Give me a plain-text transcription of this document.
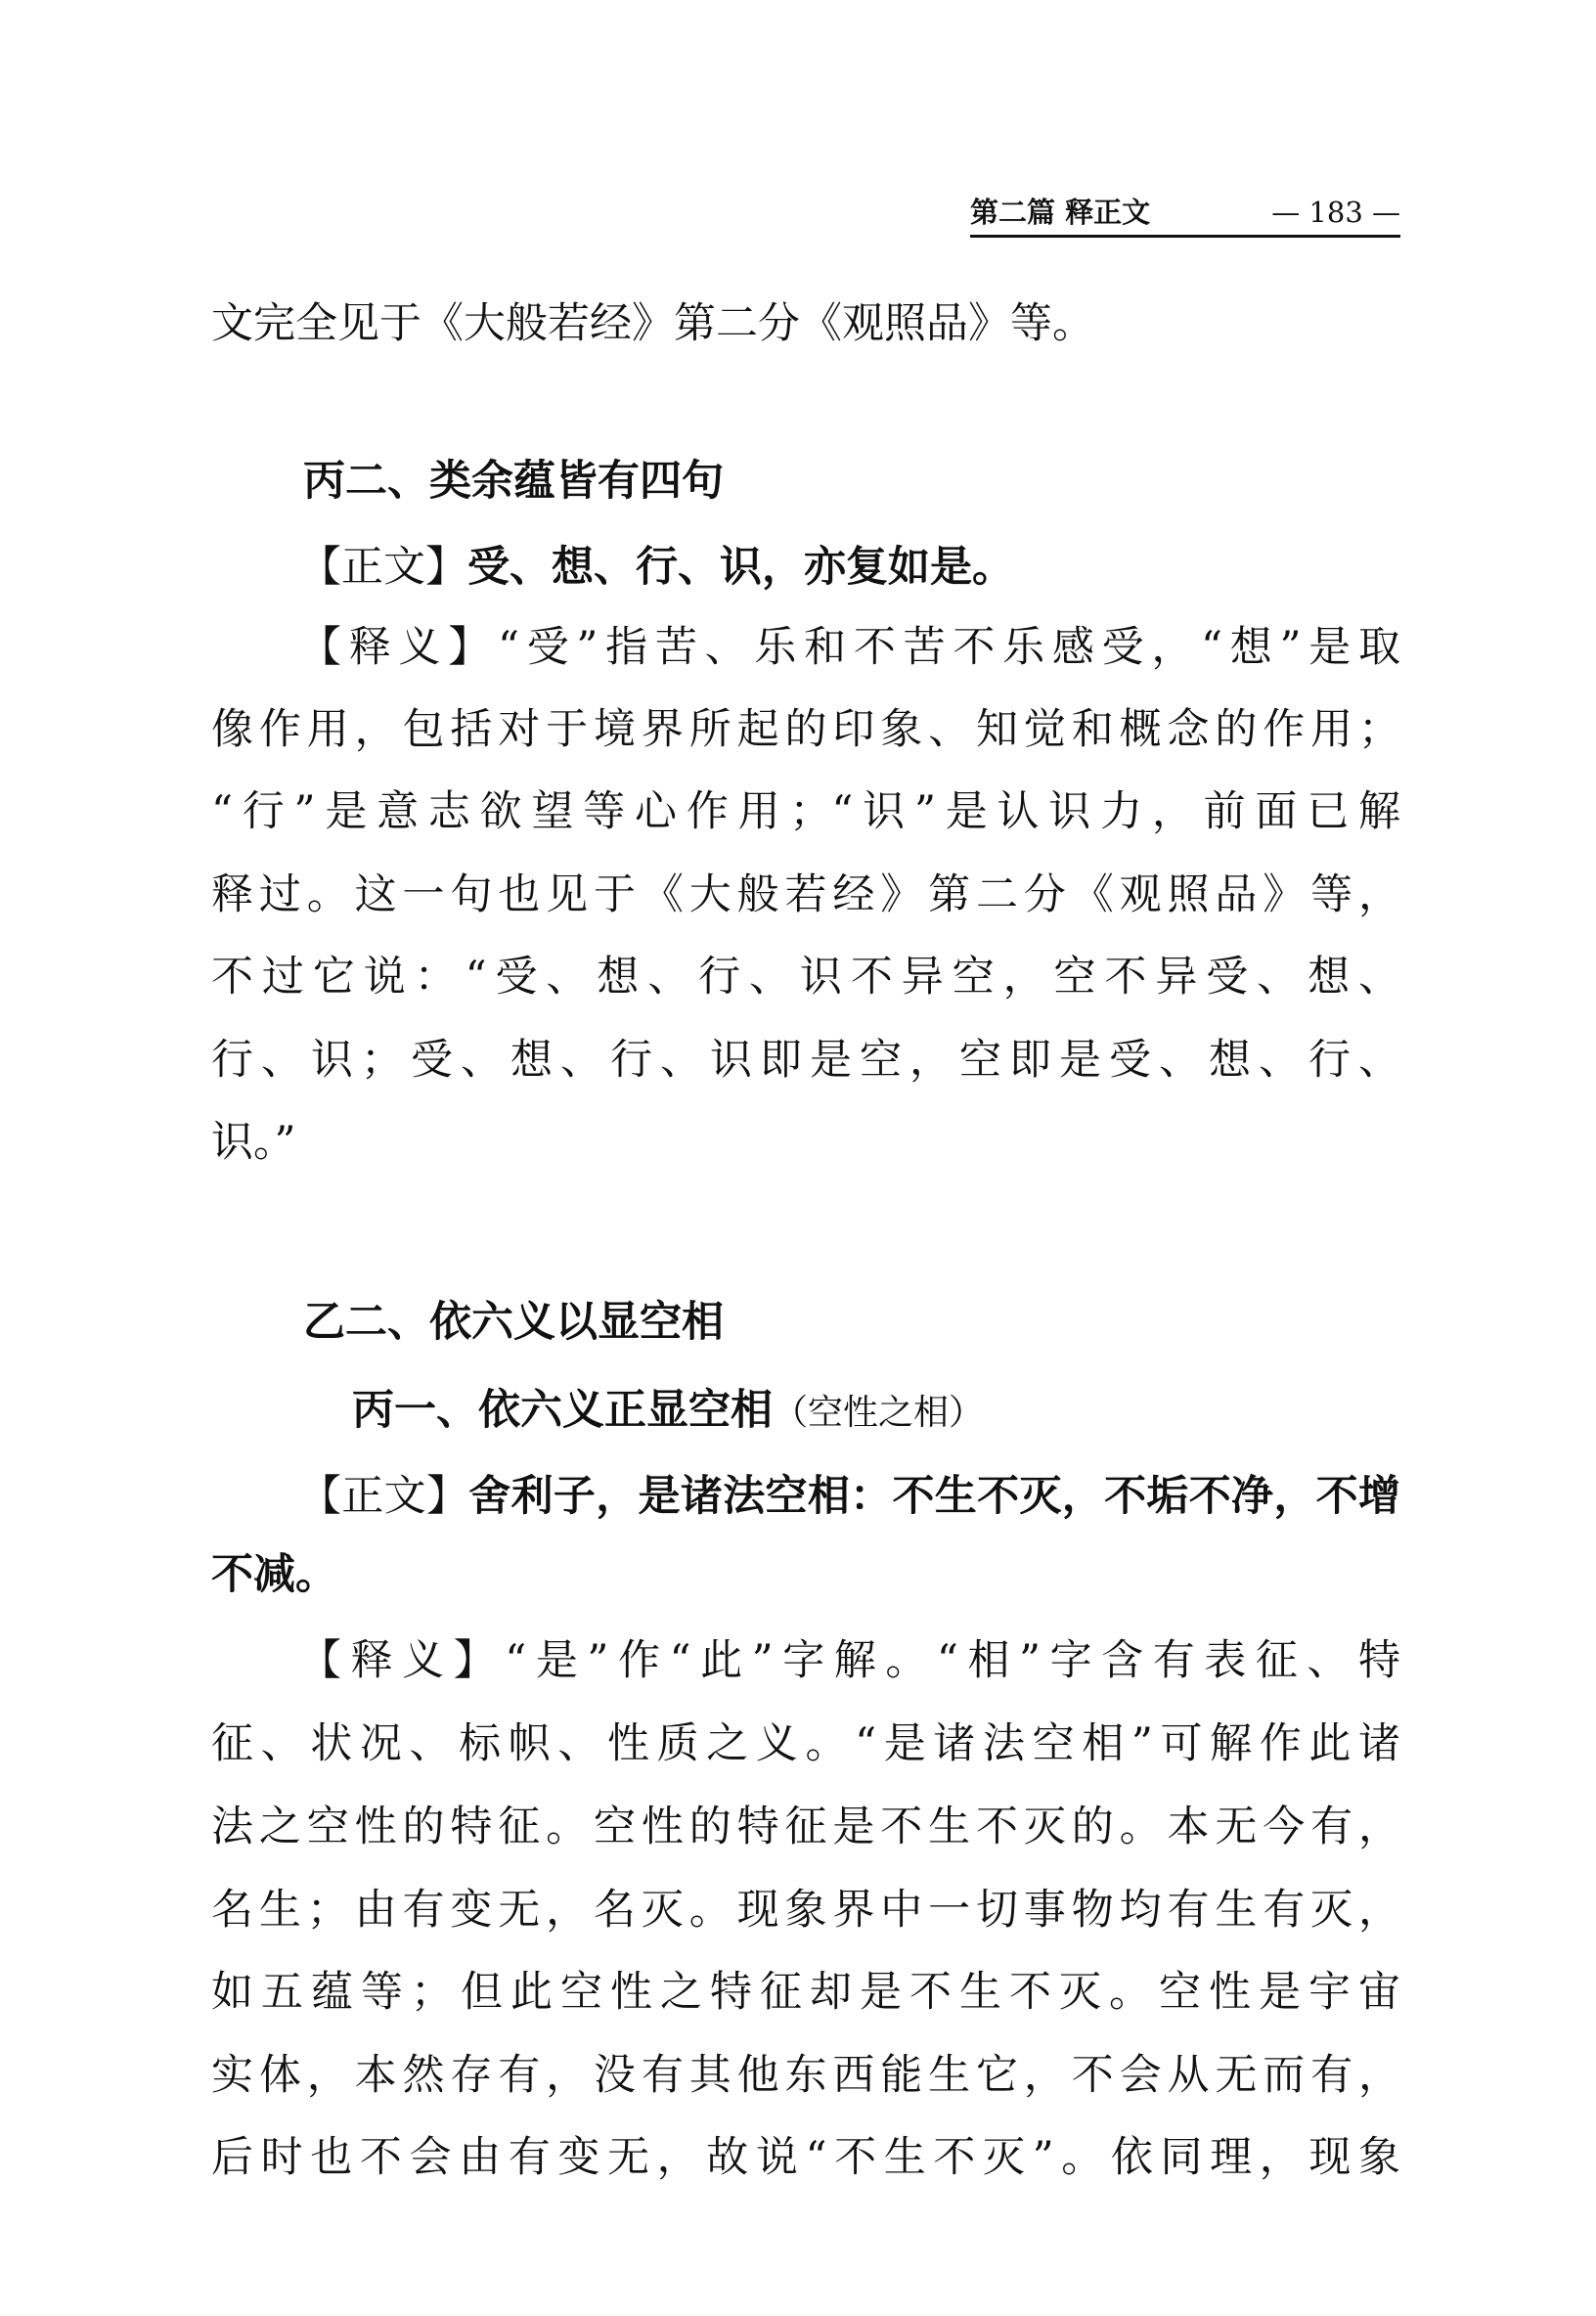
第二篇 释正文	— 183 —
文完全见于《大般若经》第二分《观照品》等。
丙二、类余蕴皆有四句
【正文】受、想、行、识，亦复如是。
【释义】“受”指苦、乐和不苦不乐感受，“想”是取
像作用，包括对于境界所起的印象、知觉和概念的作用；
“行”是意志欲望等心作用；“识”是认识力，前面已解
释过。这一句也见于《大般若经》第二分《观照品》等，
不过它说：“受、想、行、识不异空，空不异受、想、
行、识；受、想、行、识即是空，空即是受、想、行、
识。”
乙二、依六义以显空相
丙一、依六义正显空相（空性之相）
【正文】舍利子，是诸法空相：不生不灭，不垢不净，不增
不减。
【释义】“是”作“此”字解。“相”字含有表征、特
征、状况、标帜、性质之义。“是诸法空相”可解作此诸
法之空性的特征。空性的特征是不生不灭的。本无今有，
名生；由有变无，名灭。现象界中一切事物均有生有灭，
如五蕴等；但此空性之特征却是不生不灭。空性是宇宙
实体，本然存有，没有其他东西能生它，不会从无而有，
后时也不会由有变无，故说“不生不灭”。依同理，现象
